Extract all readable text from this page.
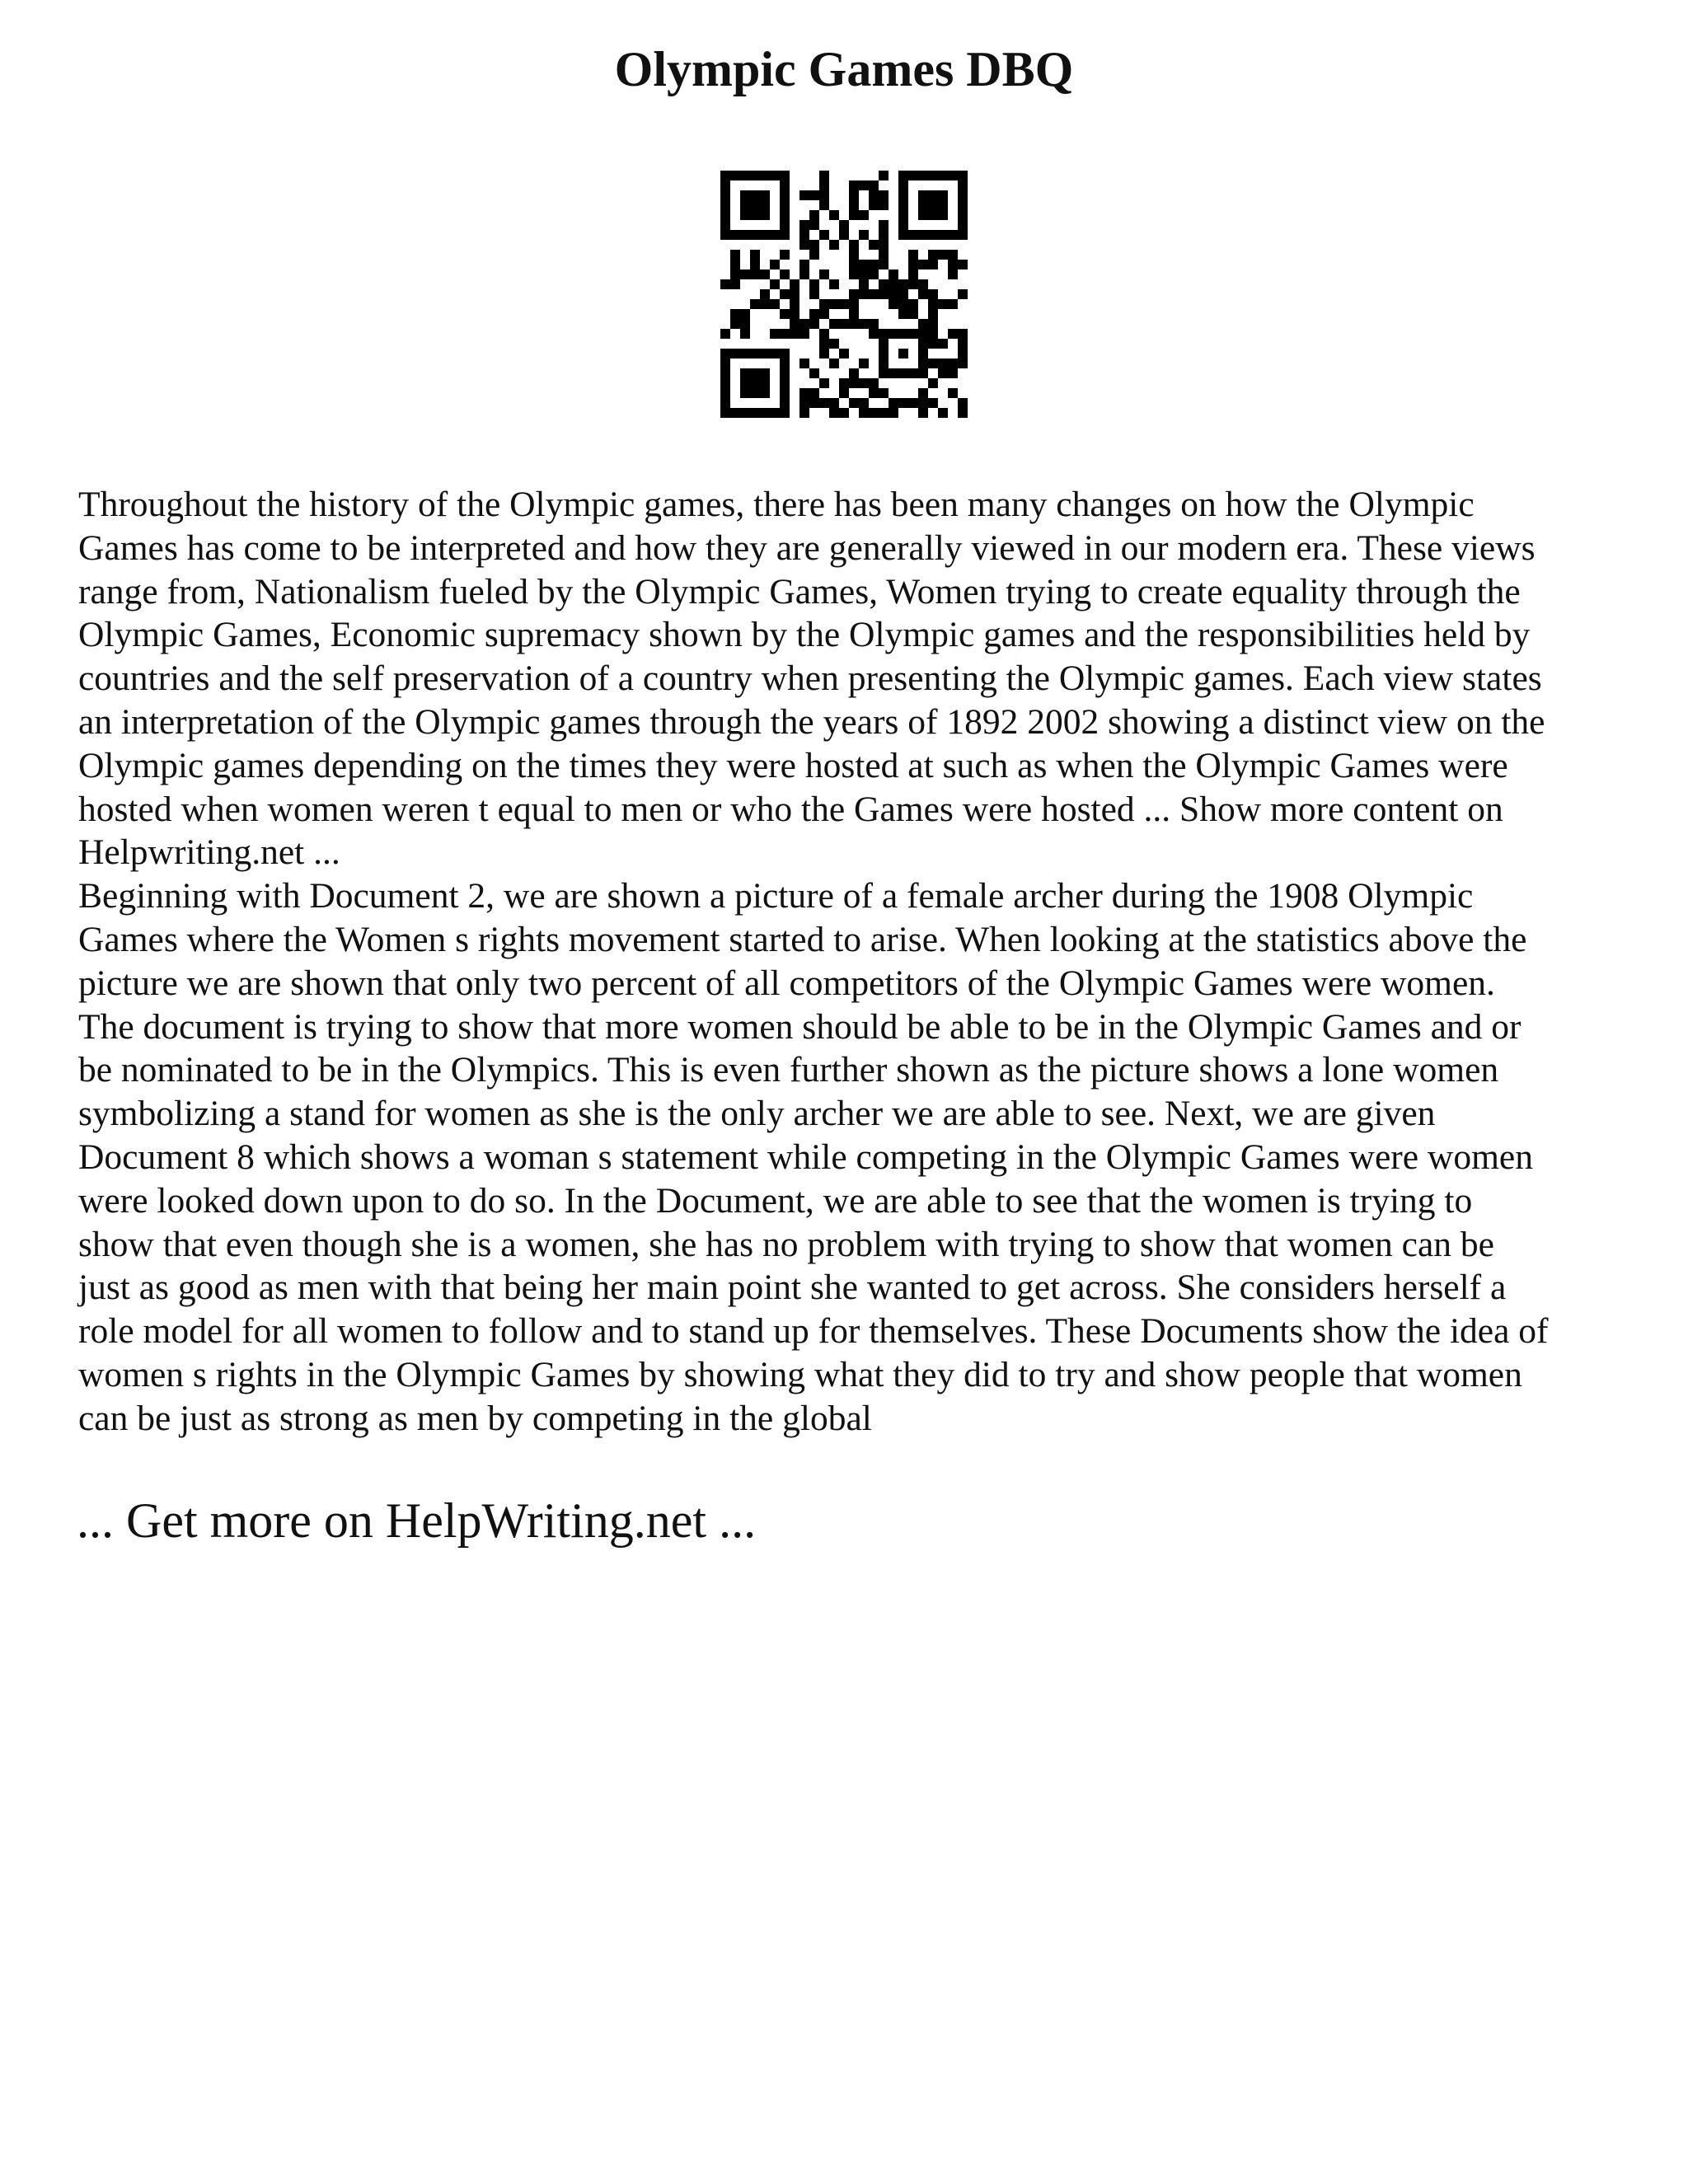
Olympic Games DBQ

Throughout the history of the Olympic games, there has been many changes on how the Olympic
Games has come to be interpreted and how they are generally viewed in our modern era. These views
range from, Nationalism fueled by the Olympic Games, Women trying to create equality through the
Olympic Games, Economic supremacy shown by the Olympic games and the responsibilities held by
countries and the self preservation of a country when presenting the Olympic games. Each view states
an interpretation of the Olympic games through the years of 1892 2002 showing a distinct view on the
Olympic games depending on the times they were hosted at such as when the Olympic Games were
hosted when women weren t equal to men or who the Games were hosted ... Show more content on
Helpwriting.net ...

Beginning with Document 2, we are shown a picture of a female archer during the 1908 Olympic
Games where the Women s rights movement started to arise. When looking at the statistics above the
picture we are shown that only two percent of all competitors of the Olympic Games were women.
The document is trying to show that more women should be able to be in the Olympic Games and or
be nominated to be in the Olympics. This is even further shown as the picture shows a lone women
symbolizing a stand for women as she is the only archer we are able to see. Next, we are given
Document 8 which shows a woman s statement while competing in the Olympic Games were women
were looked down upon to do so. In the Document, we are able to see that the women is trying to
show that even though she is a women, she has no problem with trying to show that women can be
just as good as men with that being her main point she wanted to get across. She considers herself a
role model for all women to follow and to stand up for themselves. These Documents show the idea of
women s rights in the Olympic Games by showing what they did to try and show people that women
can be just as strong as men by competing in the global

... Get more on HelpWriting.net ...
